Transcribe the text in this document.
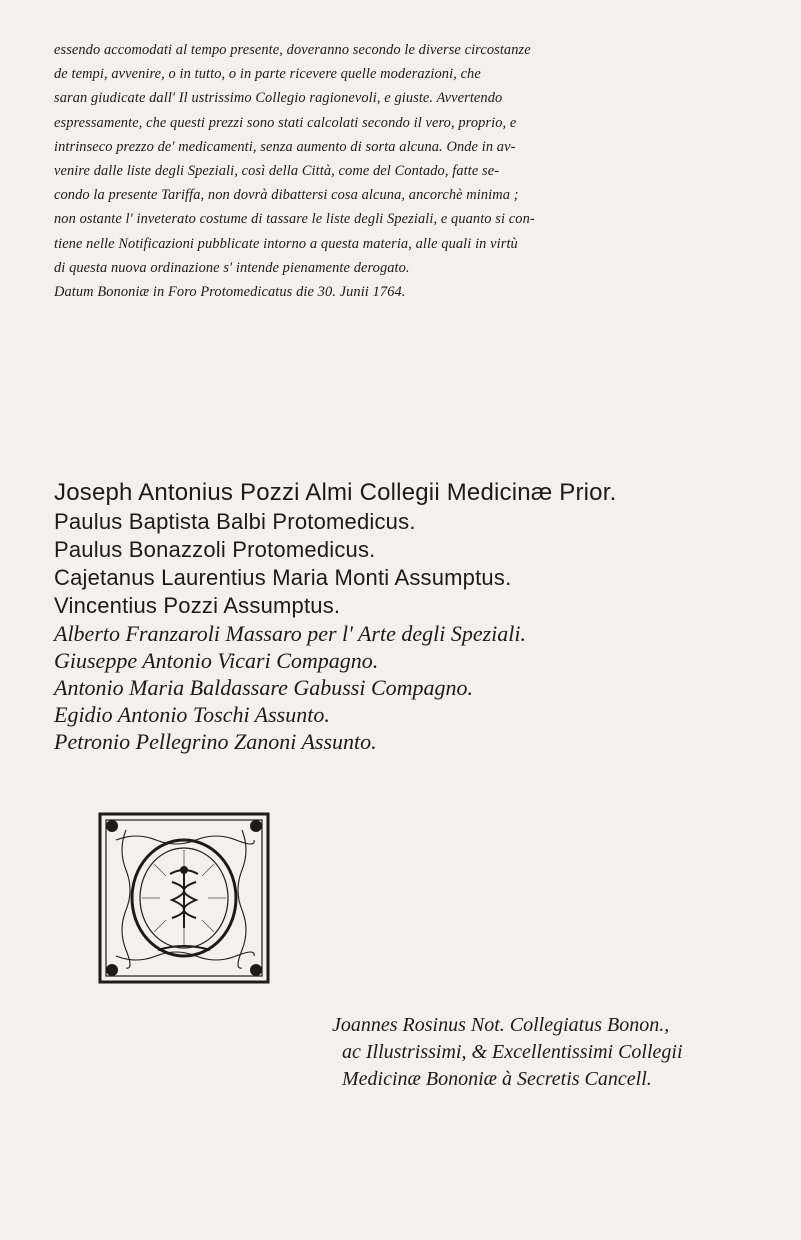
essendo accomodati al tempo presente, doveranno secondo le diverse circostanze
de tempi, avvenire, o in tutto, o in parte ricevere quelle moderazioni, che
saran giudicate dall' Il ustrissimo Collegio ragionevoli, e giuste. Avvertendo
espressamente, che questi prezzi sono stati calcolati secondo il vero, proprio, e
intrinseco prezzo de' medicamenti, senza aumento di sorta alcuna. Onde in av-
venire dalle liste degli Speziali, così della Città, come del Contado, fatte se-
condo la presente Tariffa, non dovrà dibattersi cosa alcuna, ancorchè minima ;
non ostante l' inveterato costume di tassare le liste degli Speziali, e quanto si con-
tiene nelle Notificazioni pubblicate intorno a questa materia, alle quali in virtù
di questa nuova ordinazione s' intende pienamente derogato.
Datum Bononiæ in Foro Protomedicatus die 30. Junii 1764.
Joseph Antonius Pozzi Almi Collegii Medicinæ Prior.
Paulus Baptista Balbi Protomedicus.
Paulus Bonazzoli Protomedicus.
Cajetanus Laurentius Maria Monti Assumptus.
Vincentius Pozzi Assumptus.
Alberto Franzaroli Massaro per l' Arte degli Speziali.
Giuseppe Antonio Vicari Compagno.
Antonio Maria Baldassare Gabussi Compagno.
Egidio Antonio Toschi Assunto.
Petronio Pellegrino Zanoni Assunto.
Joannes Rosinus Not. Collegiatus Bonon.,
ac Illustrissimi, & Excellentissimi Collegii
Medicinæ Bononiæ à Secretis Cancell.
